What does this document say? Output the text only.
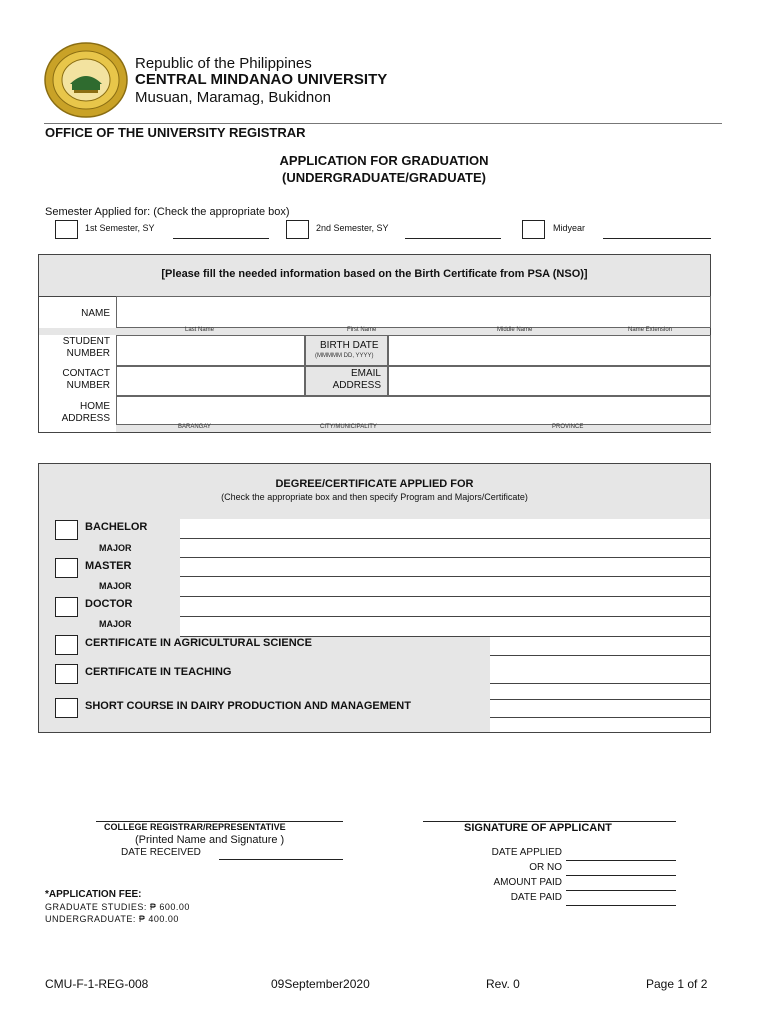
Republic of the Philippines
CENTRAL MINDANAO UNIVERSITY
Musuan, Maramag, Bukidnon
OFFICE OF THE UNIVERSITY REGISTRAR
APPLICATION FOR GRADUATION
(UNDERGRADUATE/GRADUATE)
Semester Applied for: (Check the appropriate box)
1st Semester, SY	2nd Semester, SY	Midyear
[Please fill the needed information based on the Birth Certificate from PSA (NSO)]
NAME
Last Name	First Name	Middle Name	Name Extension
STUDENT
NUMBER
BIRTH DATE
(MMMMM DD, YYYY)
CONTACT
NUMBER
EMAIL
ADDRESS
HOME
ADDRESS
BARANGAY	CITY/MUNICIPALITY	PROVINCE
DEGREE/CERTIFICATE APPLIED FOR
(Check the appropriate box and then specify Program and Majors/Certificate)
BACHELOR
MAJOR
MASTER
MAJOR
DOCTOR
MAJOR
CERTIFICATE IN AGRICULTURAL SCIENCE
CERTIFICATE IN TEACHING
SHORT COURSE IN DAIRY PRODUCTION AND MANAGEMENT
COLLEGE REGISTRAR/REPRESENTATIVE
(Printed Name and Signature )
DATE RECEIVED
SIGNATURE OF APPLICANT
DATE APPLIED
OR NO
AMOUNT PAID
DATE PAID
*APPLICATION FEE:
GRADUATE STUDIES: ₱ 600.00
UNDERGRADUATE: ₱ 400.00
CMU-F-1-REG-008	09September2020	Rev. 0	Page 1 of 2
